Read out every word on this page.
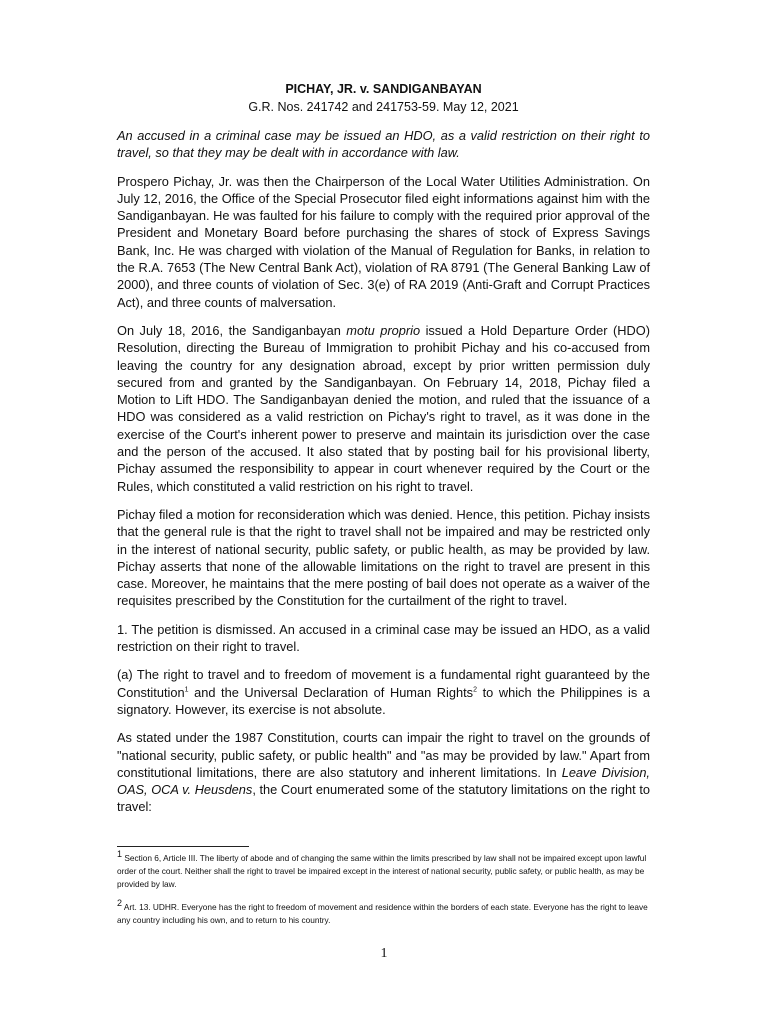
PICHAY, JR. v. SANDIGANBAYAN
G.R. Nos. 241742 and 241753-59. May 12, 2021

An accused in a criminal case may be issued an HDO, as a valid restriction on their right to travel, so that they may be dealt with in accordance with law.

Prospero Pichay, Jr. was then the Chairperson of the Local Water Utilities Administration. On July 12, 2016, the Office of the Special Prosecutor filed eight informations against him with the Sandiganbayan. He was faulted for his failure to comply with the required prior approval of the President and Monetary Board before purchasing the shares of stock of Express Savings Bank, Inc. He was charged with violation of the Manual of Regulation for Banks, in relation to the R.A. 7653 (The New Central Bank Act), violation of RA 8791 (The General Banking Law of 2000), and three counts of violation of Sec. 3(e) of RA 2019 (Anti-Graft and Corrupt Practices Act), and three counts of malversation.

On July 18, 2016, the Sandiganbayan motu proprio issued a Hold Departure Order (HDO) Resolution, directing the Bureau of Immigration to prohibit Pichay and his co-accused from leaving the country for any designation abroad, except by prior written permission duly secured from and granted by the Sandiganbayan. On February 14, 2018, Pichay filed a Motion to Lift HDO. The Sandiganbayan denied the motion, and ruled that the issuance of a HDO was considered as a valid restriction on Pichay's right to travel, as it was done in the exercise of the Court's inherent power to preserve and maintain its jurisdiction over the case and the person of the accused. It also stated that by posting bail for his provisional liberty, Pichay assumed the responsibility to appear in court whenever required by the Court or the Rules, which constituted a valid restriction on his right to travel.

Pichay filed a motion for reconsideration which was denied. Hence, this petition. Pichay insists that the general rule is that the right to travel shall not be impaired and may be restricted only in the interest of national security, public safety, or public health, as may be provided by law. Pichay asserts that none of the allowable limitations on the right to travel are present in this case. Moreover, he maintains that the mere posting of bail does not operate as a waiver of the requisites prescribed by the Constitution for the curtailment of the right to travel.

1. The petition is dismissed. An accused in a criminal case may be issued an HDO, as a valid restriction on their right to travel.

(a) The right to travel and to freedom of movement is a fundamental right guaranteed by the Constitution$^1$ and the Universal Declaration of Human Rights$^2$ to which the Philippines is a signatory. However, its exercise is not absolute.

As stated under the 1987 Constitution, courts can impair the right to travel on the grounds of "national security, public safety, or public health" and "as may be provided by law." Apart from constitutional limitations, there are also statutory and inherent limitations. In Leave Division, OAS, OCA v. Heusdens, the Court enumerated some of the statutory limitations on the right to travel:

$^1$ Section 6, Article III. The liberty of abode and of changing the same within the limits prescribed by law shall not be impaired except upon lawful order of the court. Neither shall the right to travel be impaired except in the interest of national security, public safety, or public health, as may be provided by law.
$^2$ Art. 13. UDHR. Everyone has the right to freedom of movement and residence within the borders of each state. Everyone has the right to leave any country including his own, and to return to his country.
1
